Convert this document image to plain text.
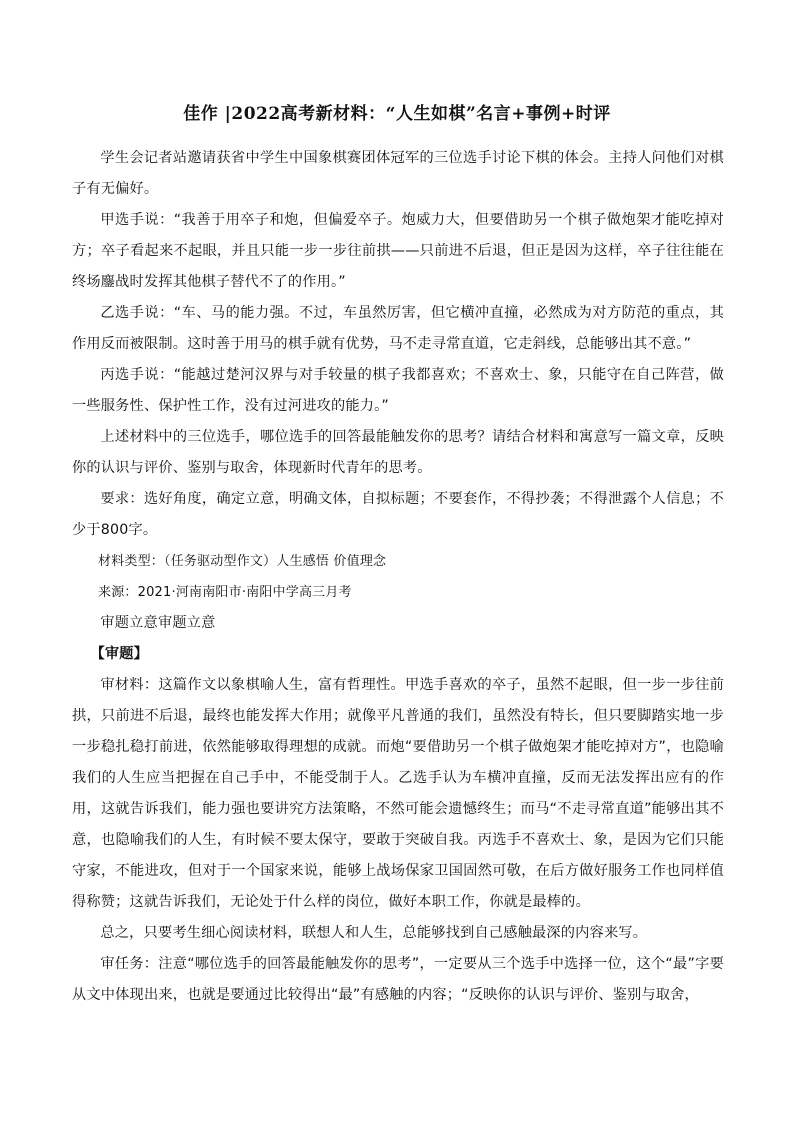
佳作 |2022高考新材料：“人生如棋”名言+事例+时评

学生会记者站邀请获省中学生中国象棋赛团体冠军的三位选手讨论下棋的体会。主持人问他们对棋子有无偏好。

甲选手说：“我善于用卒子和炮，但偏爱卒子。炮威力大，但要借助另一个棋子做炮架才能吃掉对方；卒子看起来不起眼，并且只能一步一步往前拱——只前进不后退，但正是因为这样，卒子往往能在终场鏖战时发挥其他棋子替代不了的作用。”

乙选手说：“车、马的能力强。不过，车虽然厉害，但它横冲直撞，必然成为对方防范的重点，其作用反而被限制。这时善于用马的棋手就有优势，马不走寻常直道，它走斜线，总能够出其不意。”

丙选手说：“能越过楚河汉界与对手较量的棋子我都喜欢；不喜欢士、象，只能守在自己阵营，做一些服务性、保护性工作，没有过河进攻的能力。”

上述材料中的三位选手，哪位选手的回答最能触发你的思考？请结合材料和寓意写一篇文章，反映你的认识与评价、鉴别与取舍，体现新时代青年的思考。

要求：选好角度，确定立意，明确文体，自拟标题；不要套作，不得抄袭；不得泄露个人信息；不少于800字。

材料类型：（任务驱动型作文）人生感悟 价值理念

来源：2021·河南南阳市·南阳中学高三月考

审题立意审题立意

【审题】

审材料：这篇作文以象棋喻人生，富有哲理性。甲选手喜欢的卒子，虽然不起眼，但一步一步往前拱，只前进不后退，最终也能发挥大作用；就像平凡普通的我们，虽然没有特长，但只要脚踏实地一步一步稳扎稳打前进，依然能够取得理想的成就。而炮“要借助另一个棋子做炮架才能吃掉对方”，也隐喻我们的人生应当把握在自己手中，不能受制于人。乙选手认为车横冲直撞，反而无法发挥出应有的作用，这就告诉我们，能力强也要讲究方法策略，不然可能会遗憾终生；而马“不走寻常直道”能够出其不意，也隐喻我们的人生，有时候不要太保守，要敢于突破自我。丙选手不喜欢士、象，是因为它们只能守家，不能进攻，但对于一个国家来说，能够上战场保家卫国固然可敬，在后方做好服务工作也同样值得称赞；这就告诉我们，无论处于什么样的岗位，做好本职工作，你就是最棒的。

总之，只要考生细心阅读材料，联想人和人生，总能够找到自己感触最深的内容来写。

审任务：注意“哪位选手的回答最能触发你的思考”，一定要从三个选手中选择一位，这个“最”字要从文中体现出来，也就是要通过比较得出“最”有感触的内容；“反映你的认识与评价、鉴别与取舍，
